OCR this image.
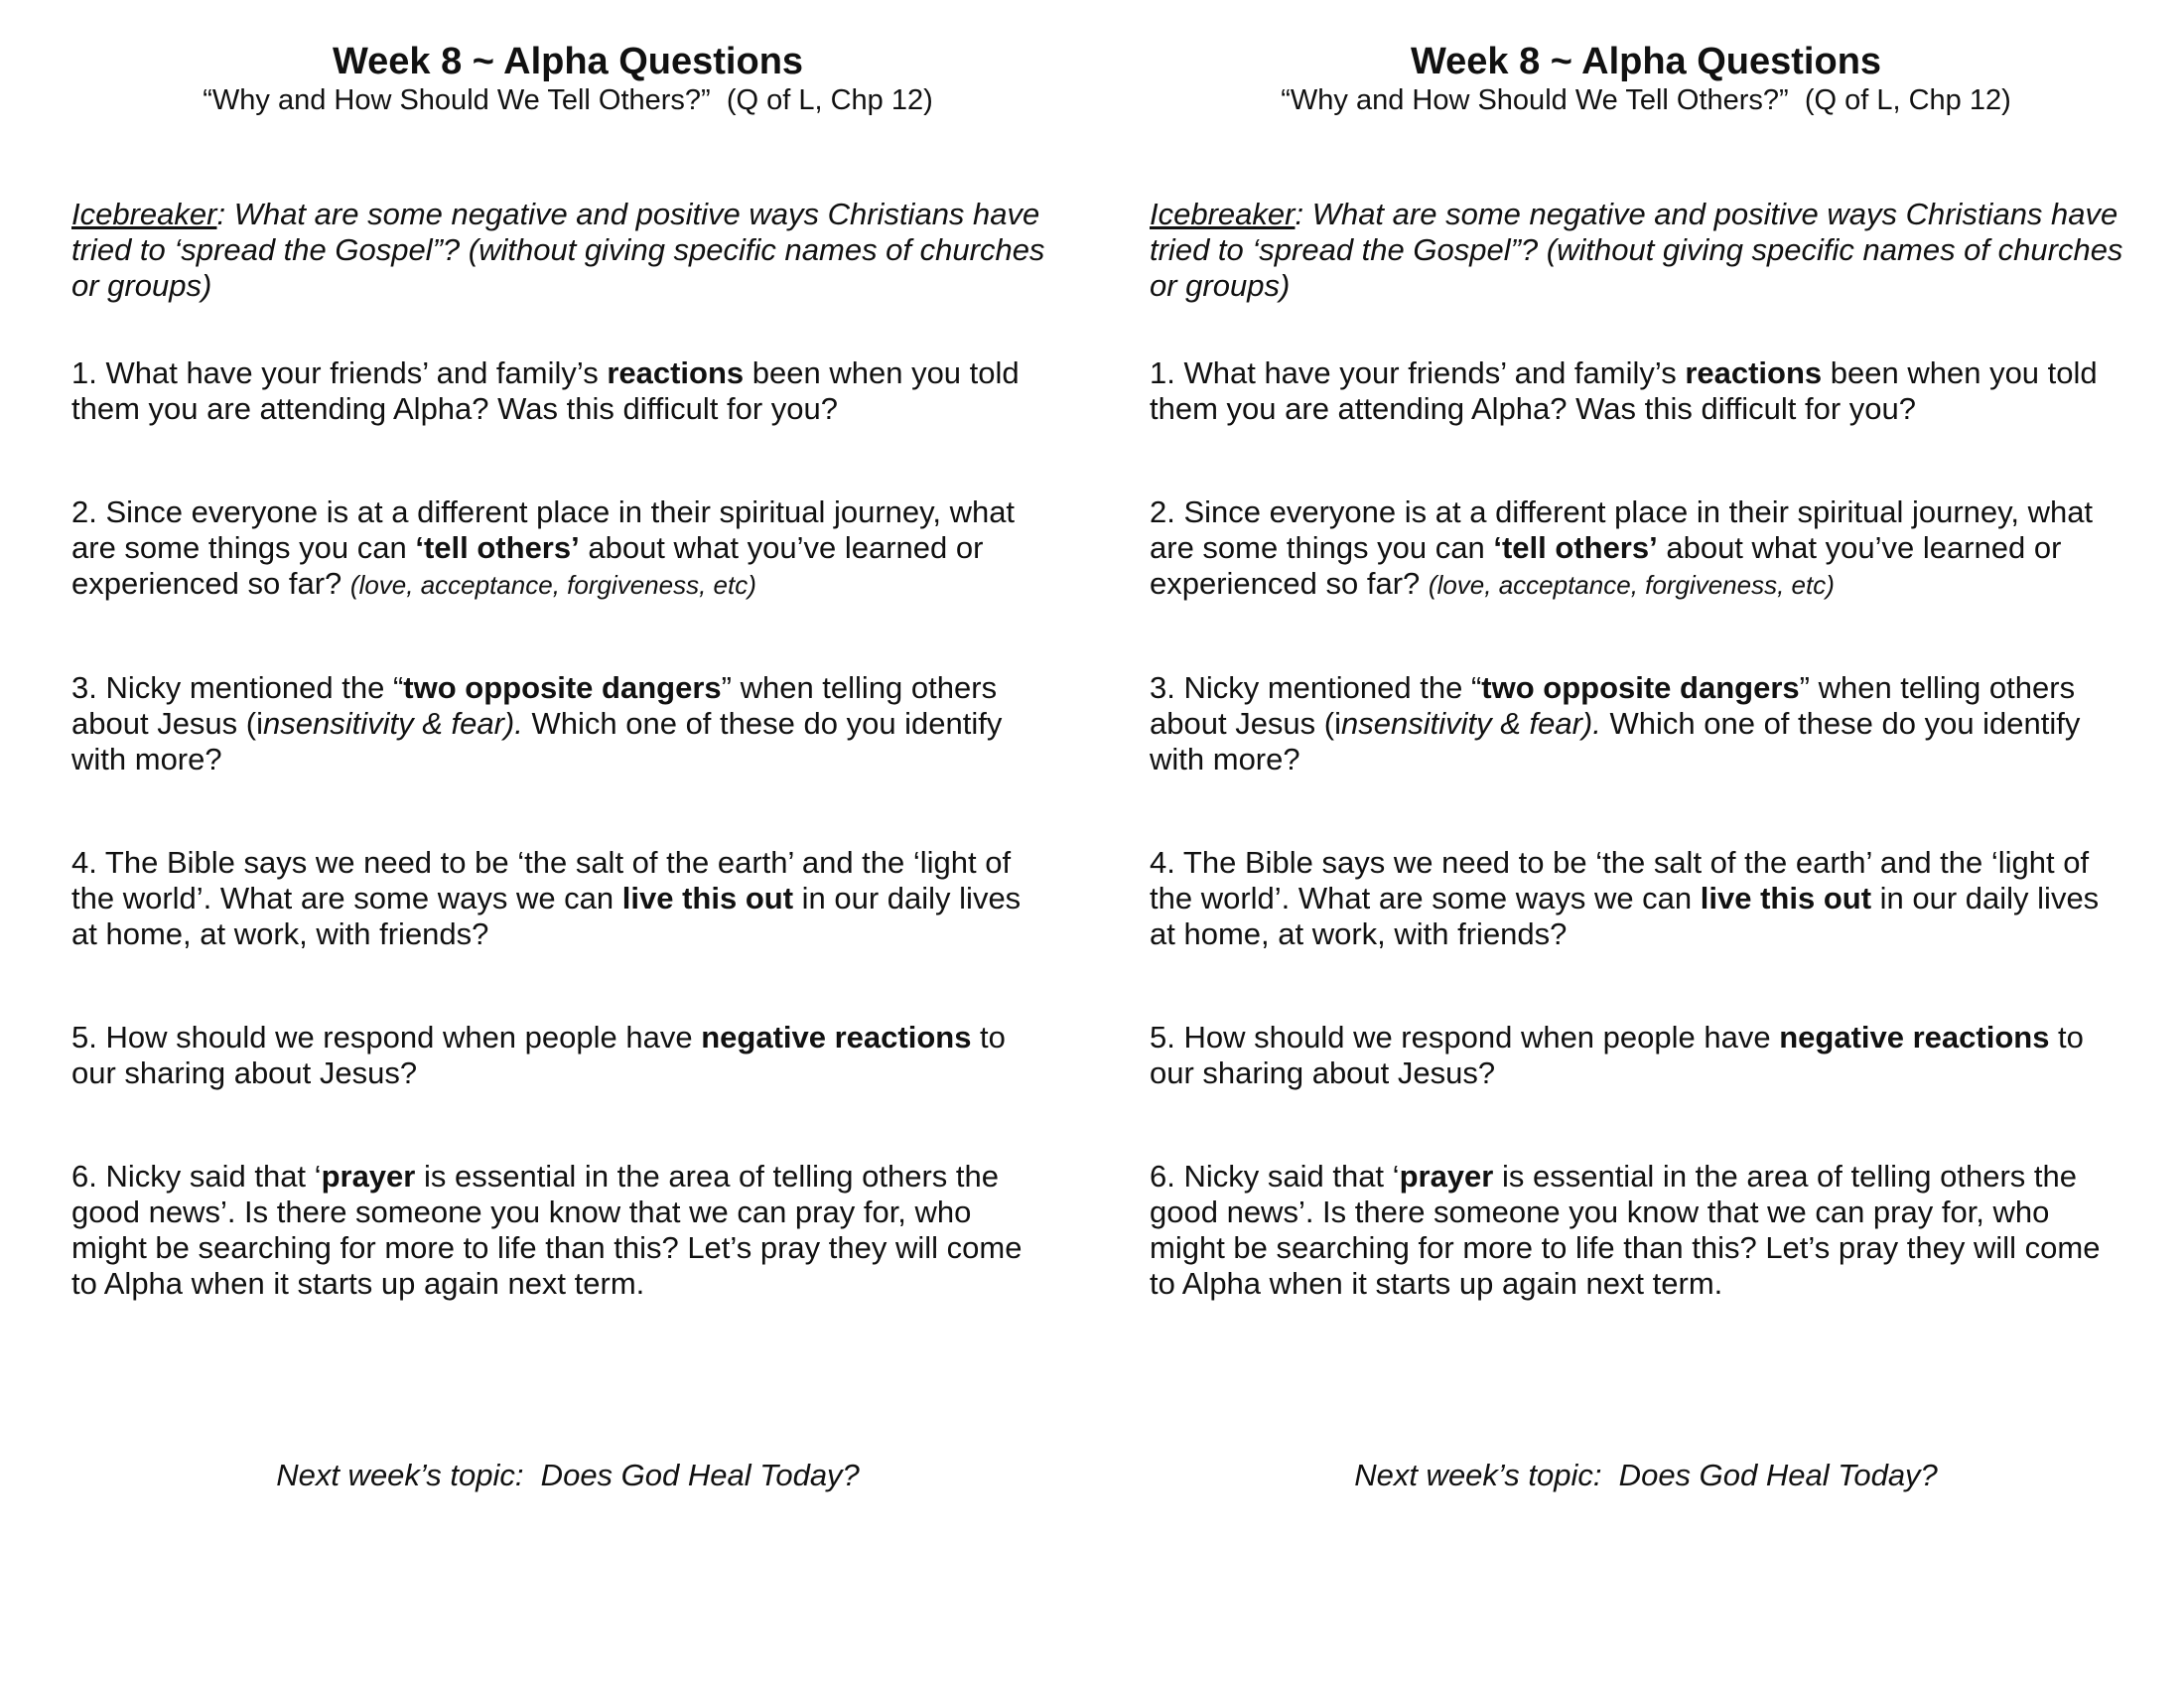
Week 8 ~ Alpha Questions

“Why and How Should We Tell Others?”  (Q of L, Chp 12)

Icebreaker: What are some negative and positive ways Christians have tried to ‘spread the Gospel”? (without giving specific names of churches or groups)

1. What have your friends’ and family’s reactions been when you told them you are attending Alpha? Was this difficult for you?

2. Since everyone is at a different place in their spiritual journey, what are some things you can ‘tell others’ about what you’ve learned or experienced so far? (love, acceptance, forgiveness, etc)

3. Nicky mentioned the “two opposite dangers” when telling others about Jesus (insensitivity & fear). Which one of these do you identify with more?

4. The Bible says we need to be ‘the salt of the earth’ and the ‘light of the world’. What are some ways we can live this out in our daily lives at home, at work, with friends?

5. How should we respond when people have negative reactions to our sharing about Jesus?

6. Nicky said that ‘prayer is essential in the area of telling others the good news’. Is there someone you know that we can pray for, who might be searching for more to life than this? Let’s pray they will come to Alpha when it starts up again next term.

Next week’s topic:  Does God Heal Today?

Week 8 ~ Alpha Questions

“Why and How Should We Tell Others?”  (Q of L, Chp 12)

Icebreaker: What are some negative and positive ways Christians have tried to ‘spread the Gospel”? (without giving specific names of churches or groups)

1. What have your friends’ and family’s reactions been when you told them you are attending Alpha? Was this difficult for you?

2. Since everyone is at a different place in their spiritual journey, what are some things you can ‘tell others’ about what you’ve learned or experienced so far? (love, acceptance, forgiveness, etc)

3. Nicky mentioned the “two opposite dangers” when telling others about Jesus (insensitivity & fear). Which one of these do you identify with more?

4. The Bible says we need to be ‘the salt of the earth’ and the ‘light of the world’. What are some ways we can live this out in our daily lives at home, at work, with friends?

5. How should we respond when people have negative reactions to our sharing about Jesus?

6. Nicky said that ‘prayer is essential in the area of telling others the good news’. Is there someone you know that we can pray for, who might be searching for more to life than this? Let’s pray they will come to Alpha when it starts up again next term.

Next week’s topic:  Does God Heal Today?
